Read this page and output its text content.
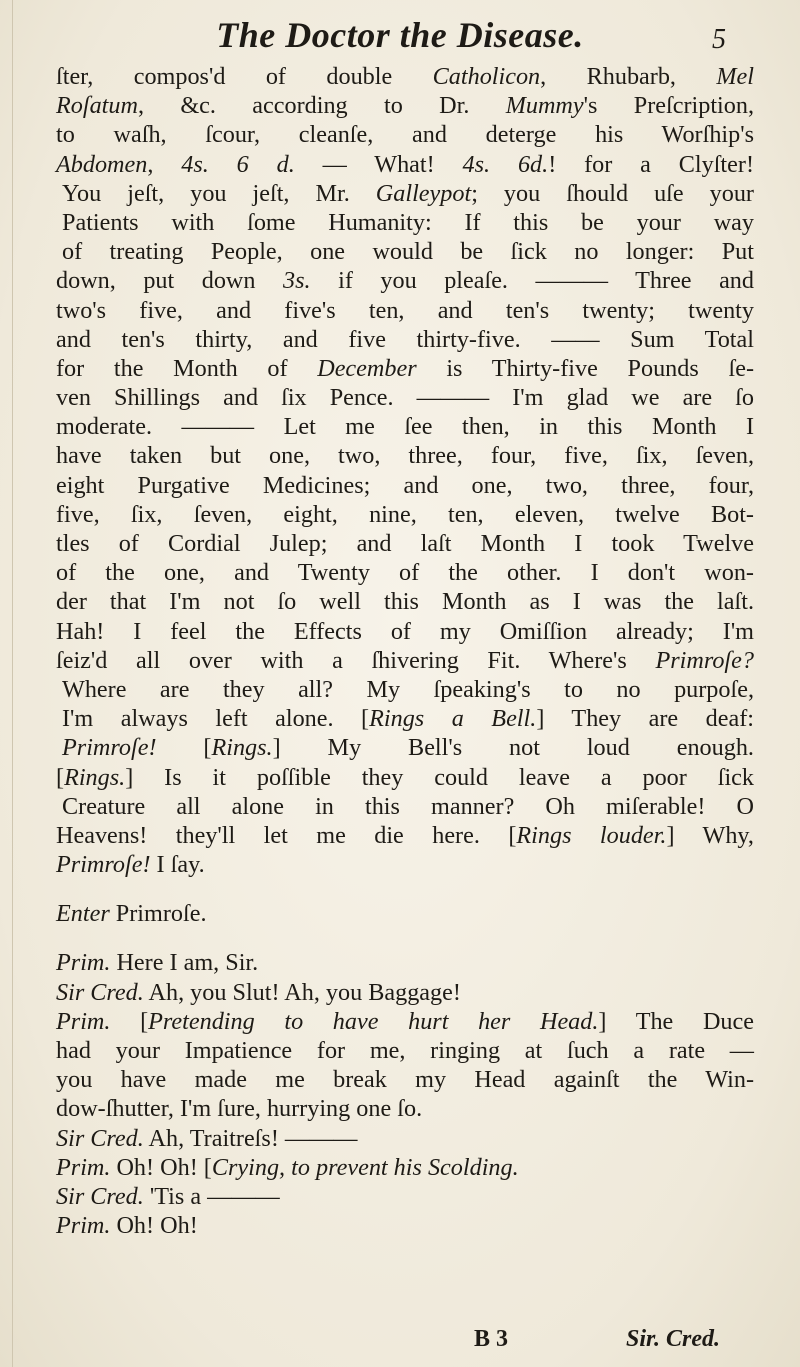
The Doctor the Disease.	5
ſter, compos'd of double Catholicon, Rhubarb, Mel
Roſatum, &c. according to Dr. Mummy's Preſcription,
to waſh, ſcour, cleanſe, and deterge his Worſhip's
Abdomen, 4s. 6 d. — What! 4s. 6d.! for a Clyſter!
You jeſt, you jeſt, Mr. Galleypot; you ſhould uſe your
Patients with ſome Humanity: If this be your way
of treating People, one would be ſick no longer: Put
down, put down 3s. if you pleaſe. ——— Three and
two's five, and five's ten, and ten's twenty; twenty
and ten's thirty, and five thirty-five. —— Sum Total
for the Month of December is Thirty-five Pounds ſe-
ven Shillings and ſix Pence. ——— I'm glad we are ſo
moderate. ——— Let me ſee then, in this Month I
have taken but one, two, three, four, five, ſix, ſeven,
eight Purgative Medicines; and one, two, three, four,
five, ſix, ſeven, eight, nine, ten, eleven, twelve Bot-
tles of Cordial Julep; and laſt Month I took Twelve
of the one, and Twenty of the other. I don't won-
der that I'm not ſo well this Month as I was the laſt.
Hah! I feel the Effects of my Omiſſion already; I'm
ſeiz'd all over with a ſhivering Fit. Where's Primroſe?
Where are they all? My ſpeaking's to no purpoſe,
I'm always left alone. [Rings a Bell.] They are deaf:
Primroſe! [Rings.] My Bell's not loud enough.
[Rings.] Is it poſſible they could leave a poor ſick
Creature all alone in this manner? Oh miſerable! O
Heavens! they'll let me die here. [Rings louder.] Why,
Primroſe! I ſay.
Enter Primroſe.
Prim. Here I am, Sir.
Sir Cred. Ah, you Slut! Ah, you Baggage!
Prim. [Pretending to have hurt her Head.] The Duce
had your Impatience for me, ringing at ſuch a rate —
you have made me break my Head againſt the Win-
dow-ſhutter, I'm ſure, hurrying one ſo.
Sir Cred. Ah, Traitreſs! ———
Prim. Oh! Oh! [Crying, to prevent his Scolding.
Sir Cred. 'Tis a ———
Prim. Oh! Oh!
B 3	Sir. Cred.
